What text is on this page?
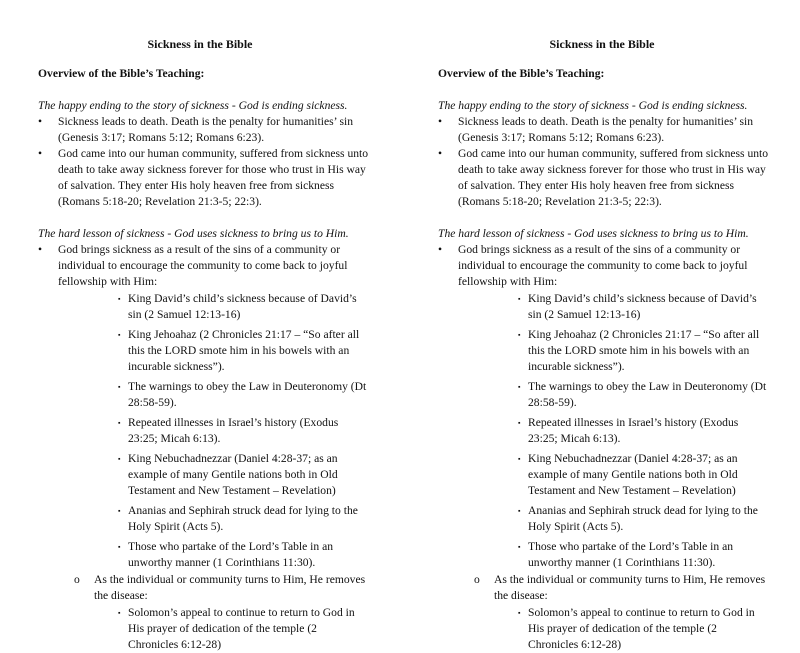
Sickness in the Bible
Overview of the Bible’s Teaching:
The happy ending to the story of sickness - God is ending sickness.
•	Sickness leads to death. Death is the penalty for humanities’ sin (Genesis 3:17; Romans 5:12; Romans 6:23).
•	God came into our human community, suffered from sickness unto death to take away sickness forever for those who trust in His way of salvation. They enter His holy heaven free from sickness (Romans 5:18-20; Revelation 21:3-5; 22:3).
The hard lesson of sickness - God uses sickness to bring us to Him.
•	God brings sickness as a result of the sins of a community or individual to encourage the community to come back to joyful fellowship with Him:
▪ King David’s child’s sickness because of David’s sin (2 Samuel 12:13-16)
▪ King Jehoahaz (2 Chronicles 21:17 – “So after all this the LORD smote him in his bowels with an incurable sickness”).
▪ The warnings to obey the Law in Deuteronomy (Dt 28:58-59).
▪ Repeated illnesses in Israel’s history (Exodus 23:25; Micah 6:13).
▪ King Nebuchadnezzar (Daniel 4:28-37; as an example of many Gentile nations both in Old Testament and New Testament – Revelation)
▪ Ananias and Sephirah struck dead for lying to the Holy Spirit (Acts 5).
▪ Those who partake of the Lord’s Table in an unworthy manner (1 Corinthians 11:30).
o As the individual or community turns to Him, He removes the disease:
▪ Solomon’s appeal to continue to return to God in His prayer of dedication of the temple (2 Chronicles 6:12-28)
Sickness in the Bible
Overview of the Bible’s Teaching:
The happy ending to the story of sickness - God is ending sickness.
•	Sickness leads to death. Death is the penalty for humanities’ sin (Genesis 3:17; Romans 5:12; Romans 6:23).
•	God came into our human community, suffered from sickness unto death to take away sickness forever for those who trust in His way of salvation. They enter His holy heaven free from sickness (Romans 5:18-20; Revelation 21:3-5; 22:3).
The hard lesson of sickness - God uses sickness to bring us to Him.
•	God brings sickness as a result of the sins of a community or individual to encourage the community to come back to joyful fellowship with Him:
▪ King David’s child’s sickness because of David’s sin (2 Samuel 12:13-16)
▪ King Jehoahaz (2 Chronicles 21:17 – “So after all this the LORD smote him in his bowels with an incurable sickness”).
▪ The warnings to obey the Law in Deuteronomy (Dt 28:58-59).
▪ Repeated illnesses in Israel’s history (Exodus 23:25; Micah 6:13).
▪ King Nebuchadnezzar (Daniel 4:28-37; as an example of many Gentile nations both in Old Testament and New Testament – Revelation)
▪ Ananias and Sephirah struck dead for lying to the Holy Spirit (Acts 5).
▪ Those who partake of the Lord’s Table in an unworthy manner (1 Corinthians 11:30).
o As the individual or community turns to Him, He removes the disease:
▪ Solomon’s appeal to continue to return to God in His prayer of dedication of the temple (2 Chronicles 6:12-28)
